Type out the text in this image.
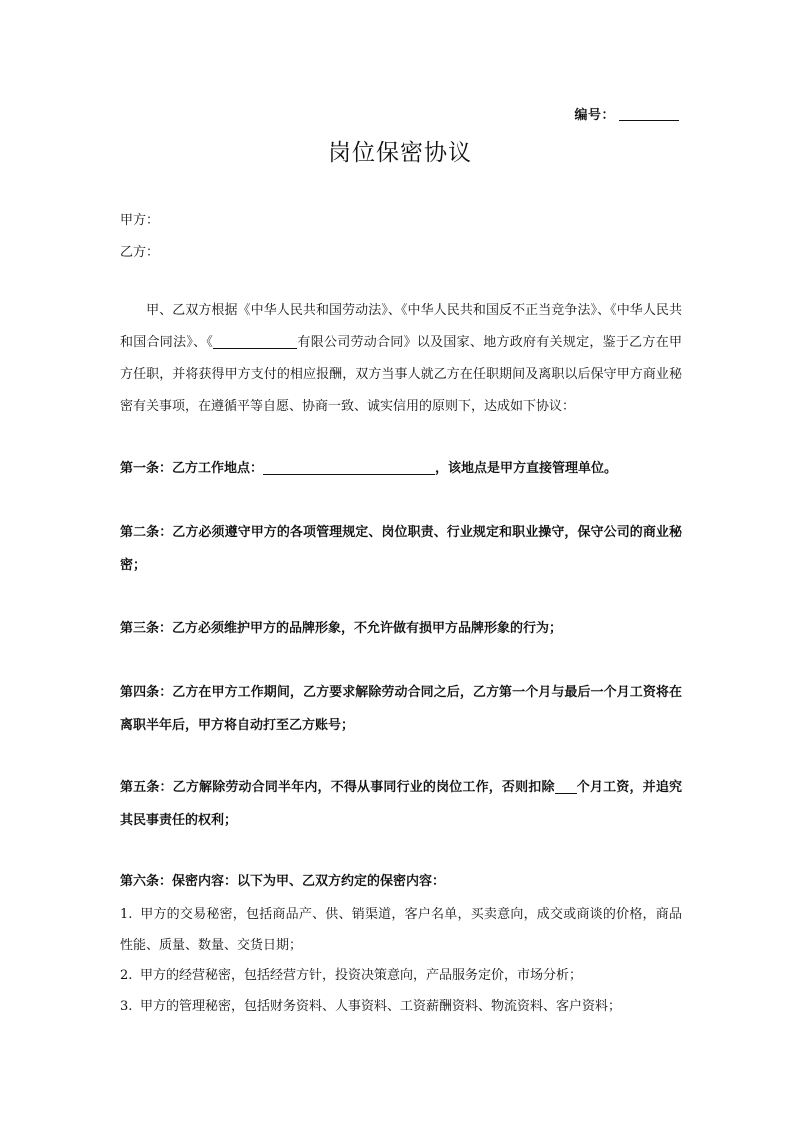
编号：
岗位保密协议
甲方：
乙方：
甲、乙双方根据《中华人民共和国劳动法》、《中华人民共和国反不正当竞争法》、《中华人民共和国合同法》、《	有限公司劳动合同》以及国家、地方政府有关规定，鉴于乙方在甲方任职，并将获得甲方支付的相应报酬，双方当事人就乙方在任职期间及离职以后保守甲方商业秘密有关事项，在遵循平等自愿、协商一致、诚实信用的原则下，达成如下协议：
第一条：乙方工作地点：	，该地点是甲方直接管理单位。
第二条：乙方必须遵守甲方的各项管理规定、岗位职责、行业规定和职业操守，保守公司的商业秘密；
第三条：乙方必须维护甲方的品牌形象，不允许做有损甲方品牌形象的行为；
第四条：乙方在甲方工作期间，乙方要求解除劳动合同之后，乙方第一个月与最后一个月工资将在离职半年后，甲方将自动打至乙方账号；
第五条：乙方解除劳动合同半年内，不得从事同行业的岗位工作，否则扣除 个月工资，并追究其民事责任的权利；
第六条：保密内容：以下为甲、乙双方约定的保密内容：
1. 甲方的交易秘密，包括商品产、供、销渠道，客户名单，买卖意向，成交或商谈的价格，商品性能、质量、数量、交货日期；
2. 甲方的经营秘密，包括经营方针，投资决策意向，产品服务定价，市场分析；
3. 甲方的管理秘密，包括财务资料、人事资料、工资薪酬资料、物流资料、客户资料；
